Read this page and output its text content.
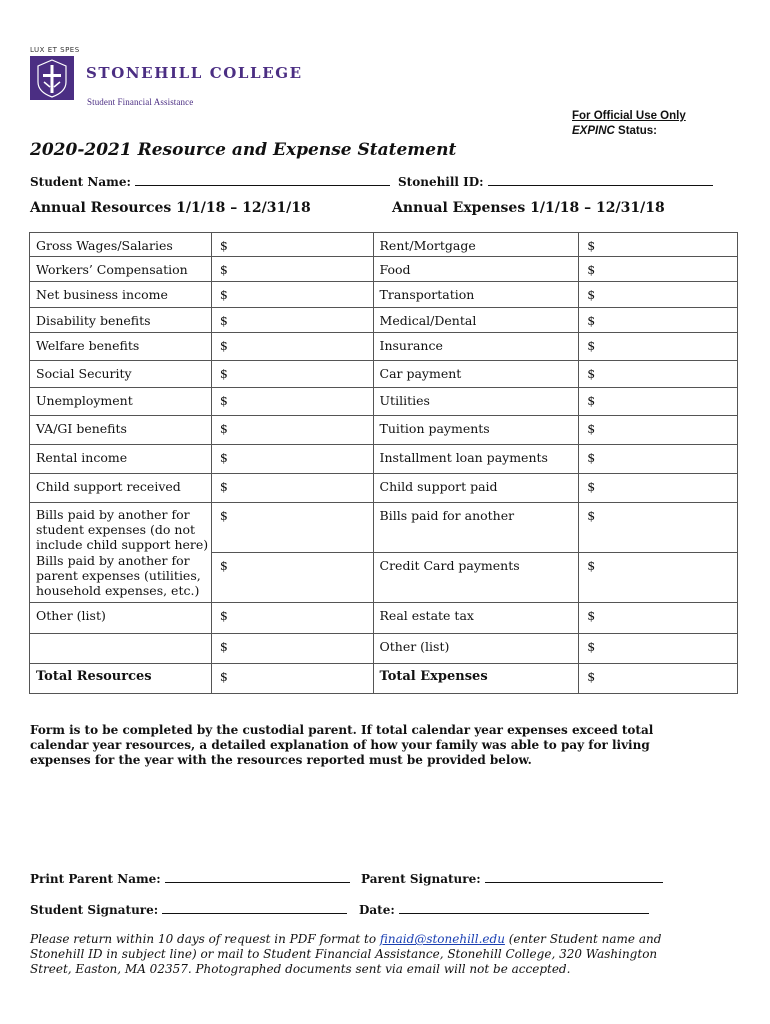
LUX ET SPES
STONEHILL COLLEGE
Student Financial Assistance
For Official Use Only
EXPINC Status:
2020-2021 Resource and Expense Statement
Student Name:	Stonehill ID:
Annual Resources 1/1/18 – 12/31/18	Annual Expenses 1/1/18 – 12/31/18
Gross Wages/Salaries	$	Rent/Mortgage	$

Workers’ Compensation	$	Food	$

Net business income	$	Transportation	$

Disability benefits	$	Medical/Dental	$

Welfare benefits	$	Insurance	$

Social Security	$	Car payment	$

Unemployment	$	Utilities	$

VA/GI benefits	$	Tuition payments	$

Rental income	$	Installment loan payments	$

Child support received	$	Child support paid	$

Bills paid by another for student expenses (do not include child support here)	$	Bills paid for another	$

Bills paid by another for parent expenses (utilities, household expenses, etc.)	$	Credit Card payments	$

Other (list)	$	Real estate tax	$

	$	Other (list)	$

Total Resources	$	Total Expenses	$
Form is to be completed by the custodial parent. If total calendar year expenses exceed total calendar year resources, a detailed explanation of how your family was able to pay for living expenses for the year with the resources reported must be provided below.
Print Parent Name:	Parent Signature:
Student Signature:	Date:
Please return within 10 days of request in PDF format to finaid@stonehill.edu (enter Student name and Stonehill ID in subject line) or mail to Student Financial Assistance, Stonehill College, 320 Washington Street, Easton, MA 02357. Photographed documents sent via email will not be accepted.
